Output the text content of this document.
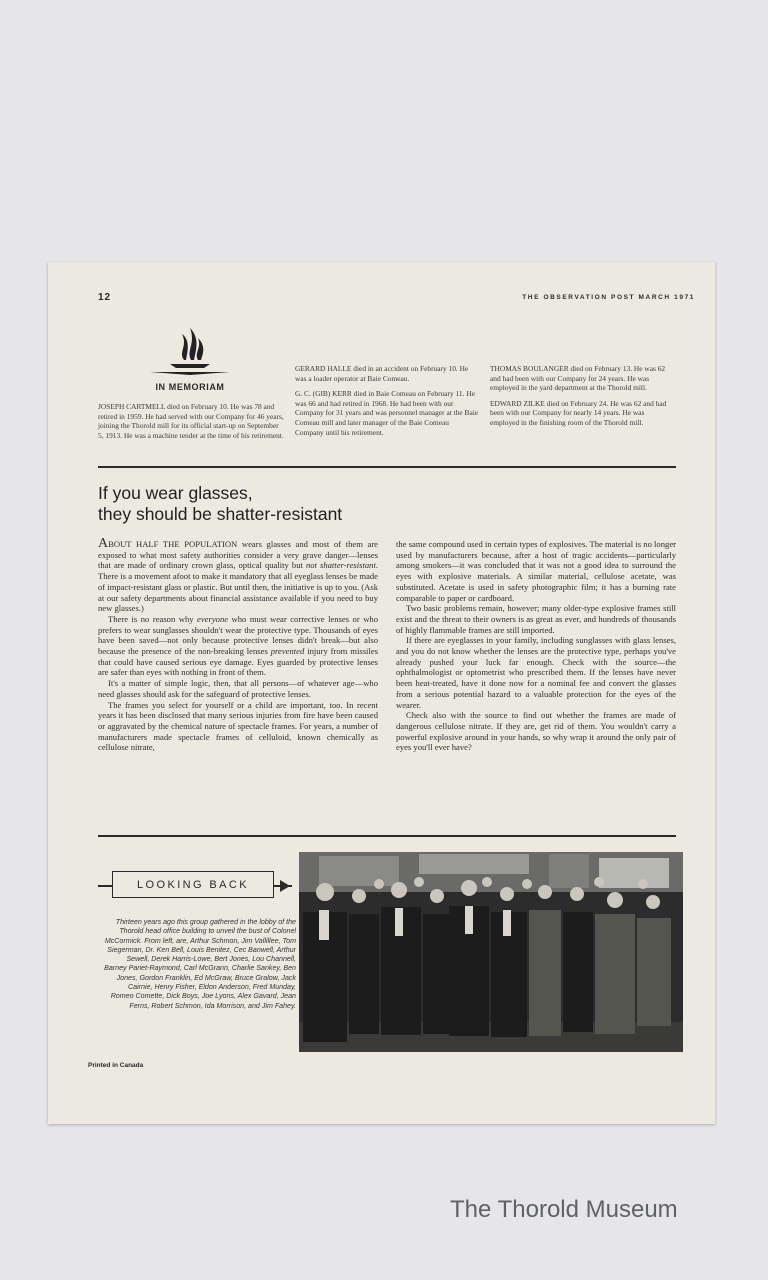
12	THE OBSERVATION POST MARCH 1971
IN MEMORIAM

JOSEPH CARTMELL died on February 10. He was 78 and retired in 1959. He had served with our Company for 46 years, joining the Thorold mill for its official start-up on September 5, 1913. He was a machine tender at the time of his retirement.

GERARD HALLE died in an accident on February 10. He was a loader operator at Baie Comeau.

G. C. (GIB) KERR died in Baie Comeau on February 11. He was 66 and had retired in 1968. He had been with our Company for 31 years and was personnel manager at the Baie Comeau mill and later manager of the Baie Comeau Company until his retirement.

THOMAS BOULANGER died on February 13. He was 62 and had been with our Company for 24 years. He was employed in the yard department at the Thorold mill.

EDWARD ZILKE died on February 24. He was 62 and had been with our Company for nearly 14 years. He was employed in the finishing room of the Thorold mill.

If you wear glasses,
they should be shatter-resistant

ABOUT HALF THE POPULATION wears glasses and most of them are exposed to what most safety authorities consider a very grave danger—lenses that are made of ordinary crown glass, optical quality but not shatter-resistant. There is a movement afoot to make it mandatory that all eyeglass lenses be made of impact-resistant glass or plastic. But until then, the initiative is up to you. (Ask at our safety departments about financial assistance available if you need to buy new glasses.)

There is no reason why everyone who must wear corrective lenses or who prefers to wear sunglasses shouldn't wear the protective type. Thousands of eyes have been saved—not only because protective lenses didn't break—but also because the presence of the non-breaking lenses prevented injury from missiles that could have caused serious eye damage. Eyes guarded by protective lenses are safer than eyes with nothing in front of them.

It's a matter of simple logic, then, that all persons—of whatever age—who need glasses should ask for the safeguard of protective lenses.

The frames you select for yourself or a child are important, too. In recent years it has been disclosed that many serious injuries from fire have been caused or aggravated by the chemical nature of spectacle frames. For years, a number of manufacturers made spectacle frames of celluloid, known chemically as cellulose nitrate,

the same compound used in certain types of explosives. The material is no longer used by manufacturers because, after a host of tragic accidents—particularly among smokers—it was concluded that it was not a good idea to surround the eyes with explosive materials. A similar material, cellulose acetate, was substituted. Acetate is used in safety photographic film; it has a burning rate comparable to paper or cardboard.

Two basic problems remain, however; many older-type explosive frames still exist and the threat to their owners is as great as ever, and hundreds of thousands of highly flammable frames are still imported.

If there are eyeglasses in your family, including sunglasses with glass lenses, and you do not know whether the lenses are the protective type, perhaps you've already pushed your luck far enough. Check with the source—the ophthalmologist or optometrist who prescribed them. If the lenses have never been heat-treated, have it done now for a nominal fee and convert the glasses from a serious potential hazard to a valuable protection for the eyes of the wearer.

Check also with the source to find out whether the frames are made of dangerous cellulose nitrate. If they are, get rid of them. You wouldn't carry a powerful explosive around in your hands, so why wrap it around the only pair of eyes you'll ever have?

LOOKING BACK
Thirteen years ago this group gathered in the lobby of the Thorold head office building to unveil the bust of Colonel McCormick. From left, are, Arthur Schmon, Jim Vallillee, Tom Siegerman, Dr. Ken Bell, Louis Benitez, Cec Banwell, Arthur Sewell, Derek Harris-Lowe, Bert Jones, Lou Channell, Barney Pariet-Raymond, Carl McGrann, Charlie Sankey, Ben Jones, Gordon Franklin, Ed McGraw, Bruce Gralow, Jack Cairnie, Henry Fisher, Eldon Anderson, Fred Munday, Romeo Comette, Dick Boys, Joe Lyons, Alex Gavard, Jean Ferns, Robert Schmon, Ida Morrison, and Jim Fahey.
Printed in Canada
The Thorold Museum
